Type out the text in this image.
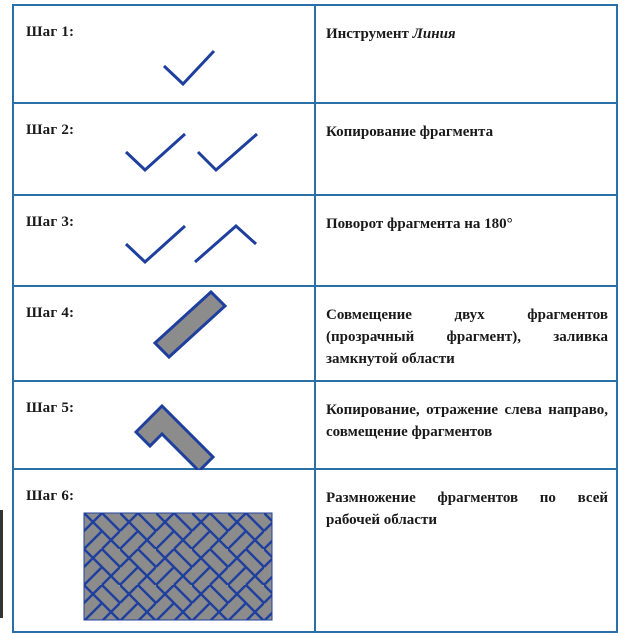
Шаг 1:	Инструмент Линия

Шаг 2:	Копирование фрагмента

Шаг 3:	Поворот фрагмента на 180°

Шаг 4:	Совмещение двух фрагментов (прозрачный фрагмент), заливка замкнутой области

Шаг 5:	Копирование, отражение слева направо, совмещение фрагментов

Шаг 6:	Размножение фрагментов по всей рабочей области
